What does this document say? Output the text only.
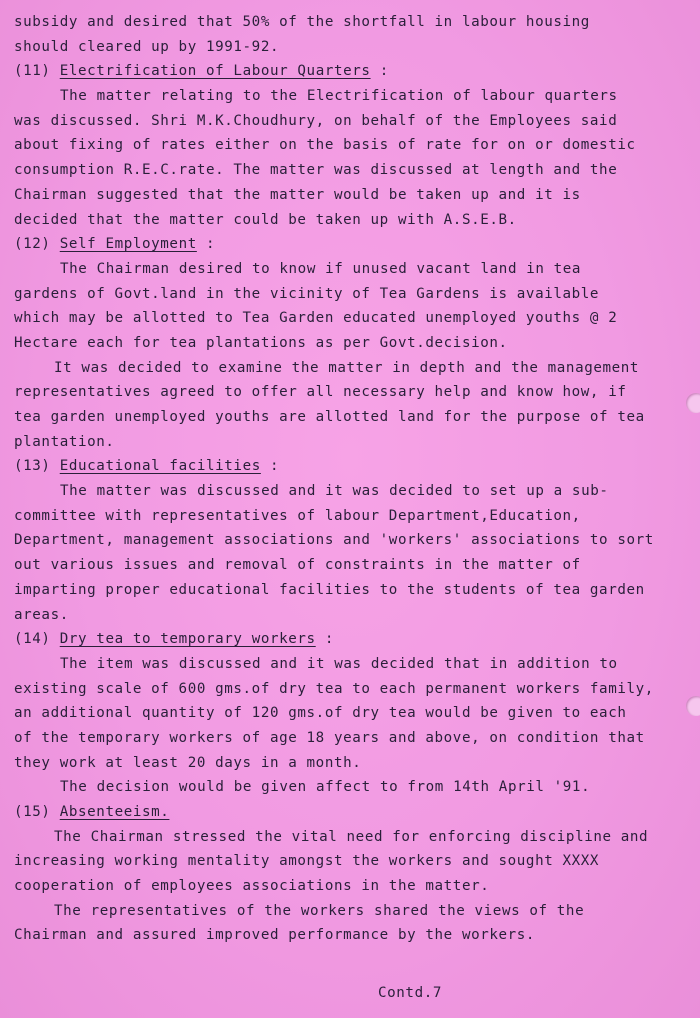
subsidy and desired that 50% of the shortfall in labour housing
should cleared up by 1991-92.
(11) Electrification of Labour Quarters :
The matter relating to the Electrification of labour quarters
was discussed. Shri M.K.Choudhury, on behalf of the Employees said
about fixing of rates either on the basis of rate for on or domestic
consumption R.E.C.rate. The matter was discussed at length and the
Chairman suggested that the matter would be taken up and it is
decided that the matter could be taken up with A.S.E.B.
(12) Self Employment :
The Chairman desired to know if unused vacant land in tea
gardens of Govt.land in the vicinity of Tea Gardens is available
which may be allotted to Tea Garden educated unemployed youths @ 2
Hectare each for tea plantations as per Govt.decision.
It was decided to examine the matter in depth and the management
representatives agreed to offer all necessary help and know how, if
tea garden unemployed youths are allotted land for the purpose of tea
plantation.
(13) Educational facilities :
The matter was discussed and it was decided to set up a sub-
committee with representatives of labour Department,Education,
Department, management associations and 'workers' associations to sort
out various issues and removal of constraints in the matter of
imparting proper educational facilities to the students of tea garden
areas.
(14) Dry tea to temporary workers :
The item was discussed and it was decided that in addition to
existing scale of 600 gms.of dry tea to each permanent workers family,
an additional quantity of 120 gms.of dry tea would be given to each
of the temporary workers of age 18 years and above, on condition that
they work at least 20 days in a month.
The decision would be given affect to from 14th April '91.
(15) Absenteeism.
The Chairman stressed the vital need for enforcing discipline and
increasing working mentality amongst the workers and sought XXXX
cooperation of employees associations in the matter.
The representatives of the workers shared the views of the
Chairman and assured improved performance by the workers.
Contd.7
